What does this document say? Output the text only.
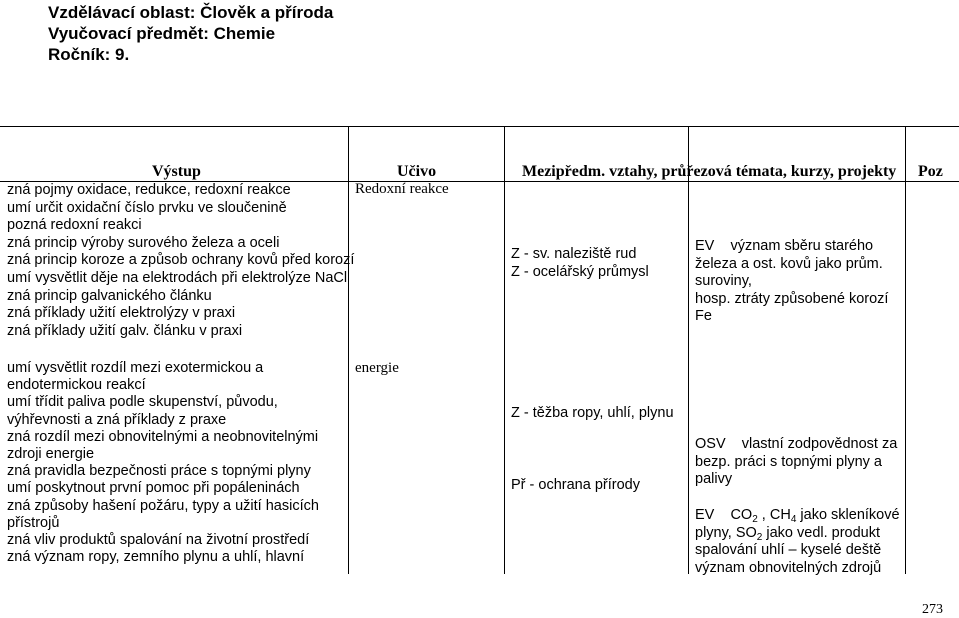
Vzdělávací oblast: Člověk a příroda
Vyučovací předmět: Chemie
Ročník: 9.
Výstup	Učivo	Mezipředm. vztahy, průřezová témata, kurzy, projekty Poz
zná pojmy oxidace, redukce, redoxní reakce
umí určit oxidační číslo prvku ve sloučenině
pozná redoxní reakci
zná princip výroby surového železa a oceli
zná princip koroze a způsob ochrany kovů před korozí
umí vysvětlit děje na elektrodách při elektrolýze NaCl
zná princip galvanického článku
zná příklady užití elektrolýzy v praxi
zná příklady užití galv. článku v praxi
Redoxní reakce
Z - sv. naleziště rud
Z - ocelářský průmysl
EV    význam sběru starého
železa a ost. kovů jako prům.
suroviny,
hosp. ztráty způsobené korozí
Fe
umí vysvětlit rozdíl mezi exotermickou a
endotermickou reakcí
umí třídit paliva podle skupenství, původu,
výhřevnosti a zná příklady z praxe
zná rozdíl mezi obnovitelnými a neobnovitelnými
zdroji energie
zná pravidla bezpečnosti práce s topnými plyny
umí poskytnout první pomoc při popáleninách
zná způsoby hašení požáru, typy a užití hasicích
přístrojů
zná vliv produktů spalování na životní prostředí
zná význam ropy, zemního plynu a uhlí, hlavní
energie
Z - těžba ropy, uhlí, plynu
Př - ochrana přírody
OSV    vlastní zodpovědnost za
bezp. práci s topnými plyny a
palivy
EV    $CO_2$ , $CH_4$ jako skleníkové
plyny, $SO_2$ jako vedl. produkt
spalování uhlí – kyselé deště
význam obnovitelných zdrojů
273
